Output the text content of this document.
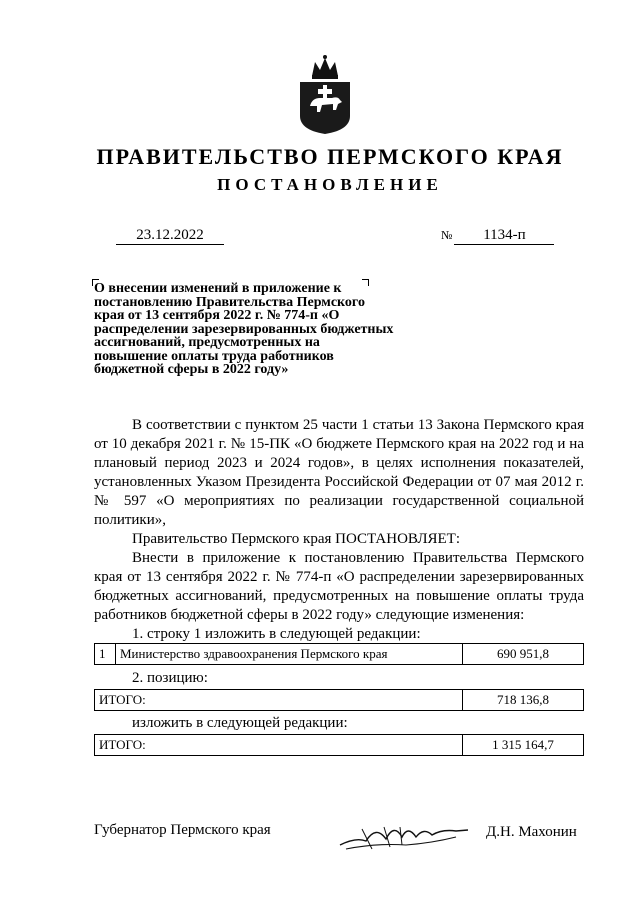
ПРАВИТЕЛЬСТВО ПЕРМСКОГО КРАЯ
ПОСТАНОВЛЕНИЕ
23.12.2022	№ 1134-п

О внесении изменений в приложение к постановлению Правительства Пермского края от 13 сентября 2022 г. № 774-п «О распределении зарезервированных бюджетных ассигнований, предусмотренных на повышение оплаты труда работников бюджетной сферы в 2022 году»

В соответствии с пунктом 25 части 1 статьи 13 Закона Пермского края от 10 декабря 2021 г. № 15-ПК «О бюджете Пермского края на 2022 год и на плановый период 2023 и 2024 годов», в целях исполнения показателей, установленных Указом Президента Российской Федерации от 07 мая 2012 г. № 597 «О мероприятиях по реализации государственной социальной политики»,

Правительство Пермского края ПОСТАНОВЛЯЕТ:

Внести в приложение к постановлению Правительства Пермского края от 13 сентября 2022 г. № 774-п «О распределении зарезервированных бюджетных ассигнований, предусмотренных на повышение оплаты труда работников бюджетной сферы в 2022 году» следующие изменения:

1. строку 1 изложить в следующей редакции:

1	Министерство здравоохранения Пермского края	690 951,8

2. позицию:

ИТОГО:	718 136,8

изложить в следующей редакции:

ИТОГО:	1 315 164,7
Губернатор Пермского края	Д.Н. Махонин
